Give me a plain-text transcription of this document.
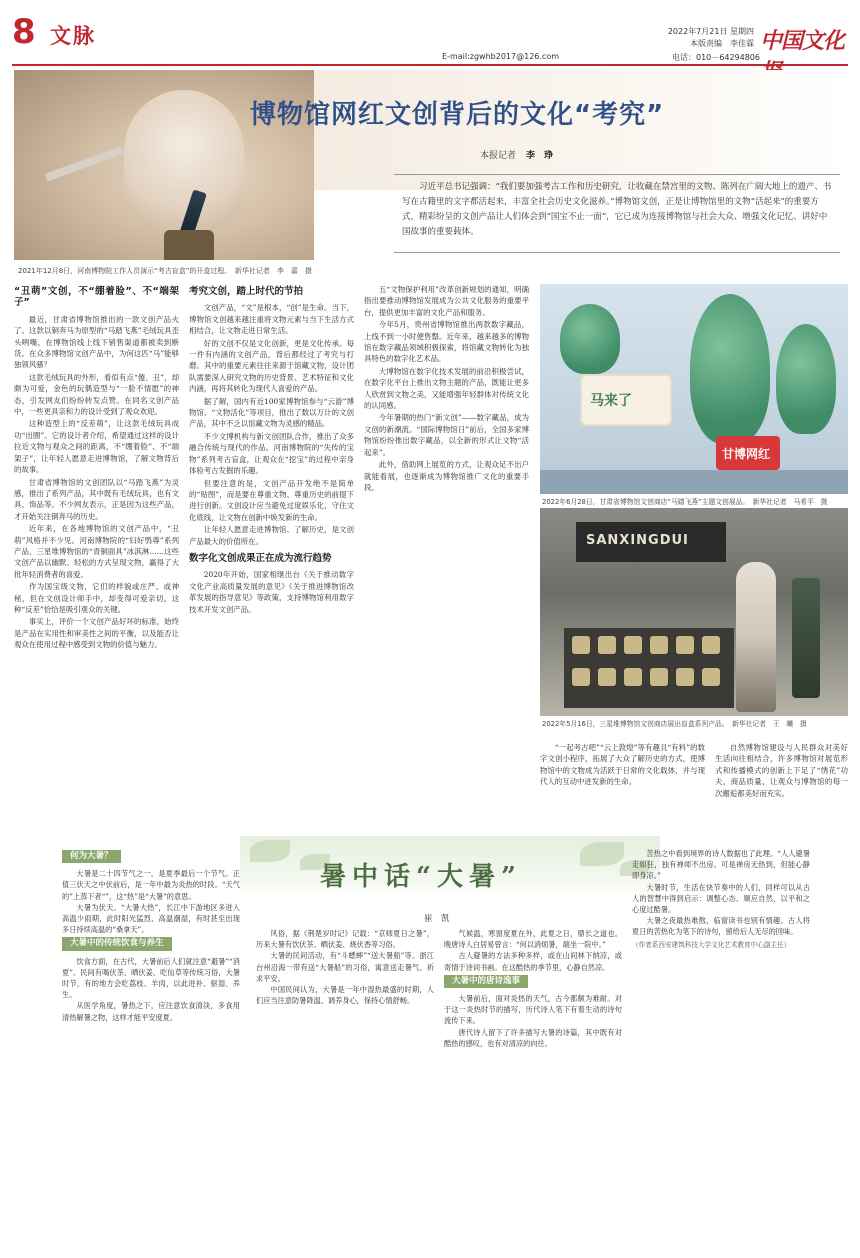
8 文脉	2022年7月21日 星期四
本版责编　李佳霖 中国文化
E-mail:zgwhb2017@126.com	电话：010－64294806
博物馆网红文创背后的文化“考究”
本报记者 李　琤
习近平总书记强调：“我们要加强考古工作和历史研究，让收藏在禁宫里的文物、陈列在广阔大地上的遗产、书写在古籍里的文字都活起来，丰富全社会历史文化滋养。”博物馆文创，正是让博物馆里的文物“活起来”的重要方式，精彩纷呈的文创产品让人们体会到“国宝不止一面”，它已成为连接博物馆与社会大众、增强文化记忆、讲好中国故事的重要载体。
2021年12月8日，河南博物院工作人员演示“考古盲盒”的开盒过程。　新华社记者　李　嘉　摄
“丑萌”文创，不“绷着脸”、不“端架子”

最近，甘肃省博物馆推出的一款文创产品火了。这款以铜奔马为原型的“马踏飞燕”毛绒玩具歪头咧嘴，在博物馆线上线下销售渠道都被卖到断货。在众多博物馆文创产品中，为何这匹“马”能够独领风骚？

这款毛绒玩具的外形，看似有点“傻、丑”，却颇为可爱，金色的玩偶造型与“一脸不情愿”的神态，引发网友们纷纷转发点赞。在同名文创产品中，一些更具亲和力的设计受到了观众欢迎。

这种造型上的“反差萌”，让这款毛绒玩具成功“出圈”。它的设计者介绍，希望通过这样的设计拉近文物与观众之间的距离，不“绷着脸”、不“端架子”，让年轻人愿意走进博物馆，了解文物背后的故事。

甘肃省博物馆的文创团队以“马踏飞燕”为灵感，推出了系列产品，其中既有毛绒玩具，也有文具、饰品等。不少网友表示，正是因为这些产品，才开始关注铜奔马的历史。

近年来，在各地博物馆的文创产品中，“丑萌”风格并不少见。河南博物院的“妇好鸮尊”系列产品、三星堆博物馆的“青铜面具”冰淇淋……这些文创产品以幽默、轻松的方式呈现文物，赢得了大批年轻消费者的喜爱。

作为国宝级文物，它们的样貌或庄严、或神秘，但在文创设计师手中，却变得可爱亲切。这种“反差”恰恰是吸引观众的关键。

事实上，评价一个文创产品好坏的标准，始终是产品在实用性和审美性之间的平衡，以及能否让观众在使用过程中感受到文物的价值与魅力。

考究文创，踏上时代的节拍

文创产品，“文”是根本，“创”是生命。当下，博物馆文创越来越注重将文物元素与当下生活方式相结合，让文物走进日常生活。

好的文创不仅是文化创新，更是文化传承。每一件有内涵的文创产品，背后都经过了考究与打磨。其中的重要元素往往来源于馆藏文物，设计团队需要深入研究文物的历史背景、艺术特征和文化内涵，再将其转化为现代人喜爱的产品。

据了解，国内有近100家博物馆参与“云游”博物馆、“文物活化”等项目，推出了数以万计的文创产品，其中不乏以馆藏文物为灵感的精品。

不少文博机构与新文创团队合作，推出了众多融合传统与现代的作品。河南博物院的“失传的宝物”系列考古盲盒，让观众在“挖宝”的过程中亲身体验考古发掘的乐趣。

但要注意的是，文创产品开发绝不是简单的“贴图”，而是要在尊重文物、尊重历史的前提下进行创新。文创设计应当避免过度娱乐化，守住文化底线，让文物在创新中焕发新的生命。

让年轻人愿意走进博物馆、了解历史，是文创产品最大的价值所在。

数字化文创成果正在成为流行趋势

2020年开始，国家相继出台《关于推动数字文化产业高质量发展的意见》《关于推进博物馆改革发展的指导意见》等政策，支持博物馆利用数字技术开发文创产品。

五“文物保护利用”改革创新规划的通知，明确指出要推动博物馆发展成为公共文化服务的重要平台，提供更加丰富的文化产品和服务。

今年5月，贵州省博物馆推出两款数字藏品，上线不到一小时便售罄。近年来，越来越多的博物馆在数字藏品领域积极探索，将馆藏文物转化为独具特色的数字化艺术品。

大博物馆在数字化技术发展的前沿积极尝试，在数字化平台上推出文物主题的产品，既能让更多人欣赏到文物之美，又能增强年轻群体对传统文化的认同感。

今年暑期的热门“新文创”——数字藏品，成为文创的新潮流。“国际博物馆日”前后，全国多家博物馆纷纷推出数字藏品，以全新的形式让文物“活起来”。

此外，借助网上展览的方式，让观众足不出户就能看展，也逐渐成为博物馆推广文化的重要手段。

马来了
甘博网红
2022年6月28日，甘肃省博物馆文创商店“马踏飞燕”主题文创展品。　新华社记者　马希平　摄
SANXINGDUI
2022年5月16日，三星堆博物馆文创商店展出盲盒系列产品。　新华社记者　王　曦　摄

“一起考古吧”“云上敦煌”等有趣且“有料”的数字文创小程序，拓展了大众了解历史的方式，使博物馆中的文物成为活跃于日常的文化载体，并与现代人的互动中迸发新的生命。

自然博物馆建设与人民群众对美好生活向往相结合，许多博物馆对展览形式和传播模式的创新上下足了“绣花”功夫，商品质量，让观众与博物馆的每一次邂逅都美好而充实。

暑中话“大暑”
崔　凯
何为大暑？

大暑是二十四节气之一，是夏季最后一个节气。正值三伏天之中伏前后，是一年中最为炎热的时段。“天气的”上蒸下者“”，这“热”是“大暑”的意思。

大暑为伏天。“大暑大热”，长江中下游地区多进入高温少雨期，此时阳光猛烈、高温潮湿，有时甚至出现多日持续高温的“桑拿天”。

大暑中的传统饮食与养生

饮食方面，在古代，大暑前后人们就注意“避暑”“消夏”。民间有喝伏茶、晒伏姜、吃仙草等传统习俗，大暑时节，有的地方会吃荔枝、羊肉，以此进补、驱湿、养生。

从医学角度，暑热之下，应注意饮食清淡，多食用清热解暑之物，这样才能平安度夏。

风俗，据《荆楚岁时记》记载：“京师夏日之暑”，历来大暑有饮伏茶、晒伏姜、烧伏香等习俗。

大暑的民间活动，有“斗蟋蟀”“送大暑船”等。浙江台州沿海一带有送“大暑船”的习俗，寓意送走暑气、祈求平安。

中国民间认为，大暑是一年中湿热最盛的时期，人们应当注意防暑降温、调养身心，保持心情舒畅。

气候温，寒窗度夏在外，此夏之日，鼎长之道也。晚唐诗人白居易曾言：“何以消烦暑，端坐一院中。”

古人避暑的方法多种多样，或在山间林下纳凉，或寄情于诗词书画。在这酷热的季节里，心静自然凉。

大暑中的唐诗逸事

大暑前后，面对炎热的天气，古今都颇为难耐。对于这一炎热时节的描写，历代诗人笔下有着生动的诗句流传下来。

唐代诗人留下了许多描写大暑的诗篇，其中既有对酷热的感叹，也有对清凉的向往。

苦热之中看到境界的诗人数据也了此理。“人人避暑走如狂，独有禅师不出房。可是禅房无热到，但能心静即身凉。”

大暑时节，生活在快节奏中的人们，同样可以从古人的智慧中得到启示：调整心态、顺应自然，以平和之心度过酷暑。

大暑之夜最热难熬，临窗读书也别有情趣。古人将夏日的苦热化为笔下的诗句，留给后人无尽的回味。

（作者系西安建筑科技大学文化艺术教育中心副主任）
